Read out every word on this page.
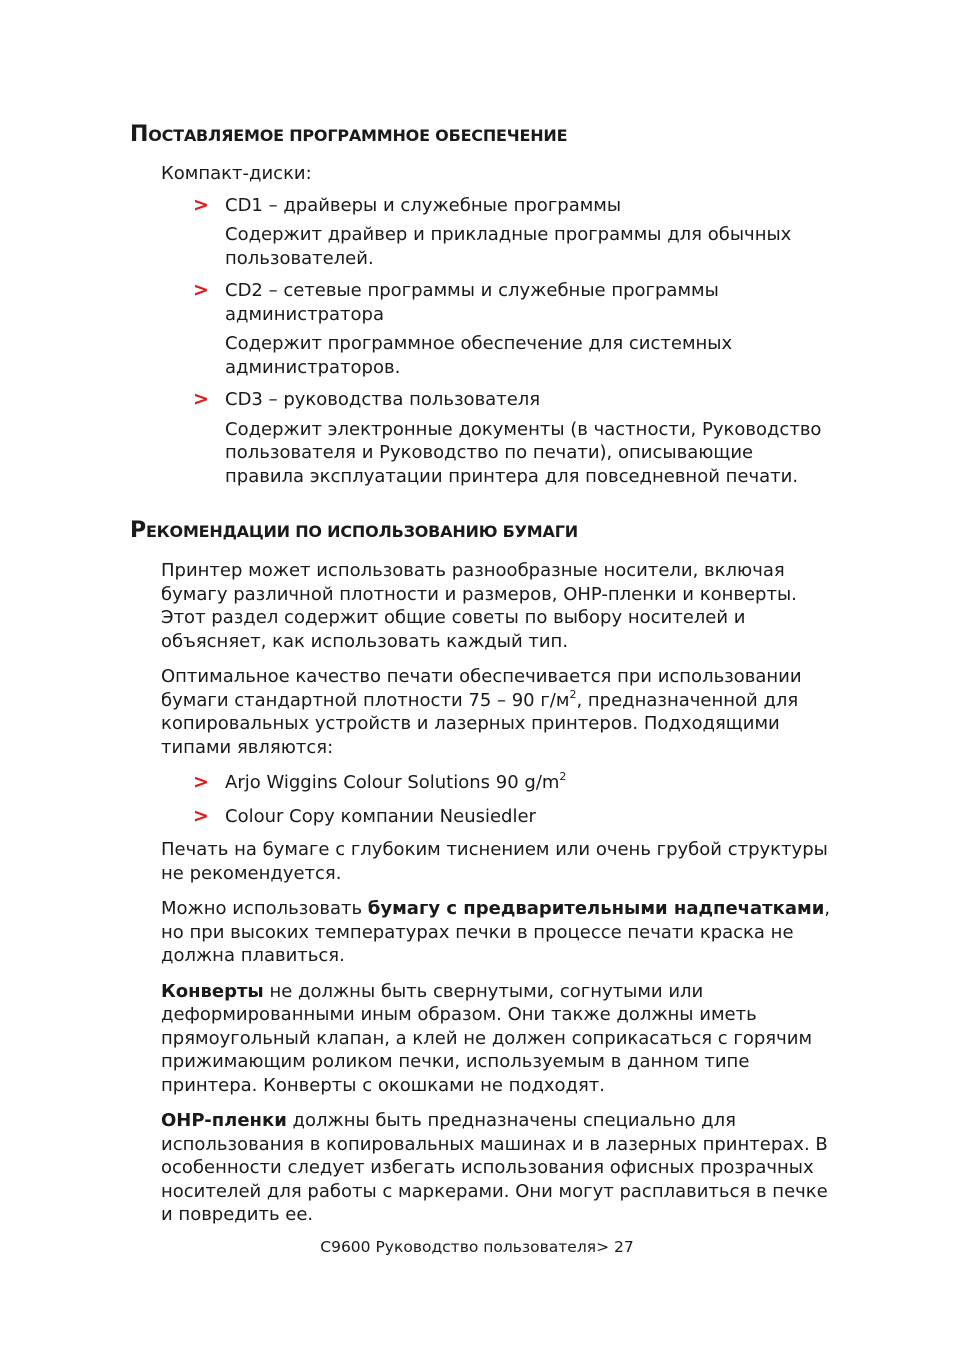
ПОСТАВЛЯЕМОЕ ПРОГРАММНОЕ ОБЕСПЕЧЕНИЕ

Компакт-диски:

> CD1 – драйверы и служебные программы

Содержит драйвер и прикладные программы для обычных пользователей.

> CD2 – сетевые программы и служебные программы администратора

Содержит программное обеспечение для системных администраторов.

> CD3 – руководства пользователя

Содержит электронные документы (в частности, Руководство пользователя и Руководство по печати), описывающие правила эксплуатации принтера для повседневной печати.

РЕКОМЕНДАЦИИ ПО ИСПОЛЬЗОВАНИЮ БУМАГИ

Принтер может использовать разнообразные носители, включая бумагу различной плотности и размеров, OHP-пленки и конверты. Этот раздел содержит общие советы по выбору носителей и объясняет, как использовать каждый тип.

Оптимальное качество печати обеспечивается при использовании бумаги стандартной плотности 75 – 90 $г/м^2$, предназначенной для копировальных устройств и лазерных принтеров. Подходящими типами являются:

> Arjo Wiggins Colour Solutions 90 $g/m^2$

> Colour Copy компании Neusiedler

Печать на бумаге с глубоким тиснением или очень грубой структуры не рекомендуется.

Можно использовать бумагу с предварительными надпечатками, но при высоких температурах печки в процессе печати краска не должна плавиться.

Конверты не должны быть свернутыми, согнутыми или деформированными иным образом. Они также должны иметь прямоугольный клапан, а клей не должен соприкасаться с горячим прижимающим роликом печки, используемым в данном типе принтера. Конверты с окошками не подходят.

OHP-пленки должны быть предназначены специально для использования в копировальных машинах и в лазерных принтерах. В особенности следует избегать использования офисных прозрачных носителей для работы с маркерами. Они могут расплавиться в печке и повредить ее.

C9600 Руководство пользователя> 27
